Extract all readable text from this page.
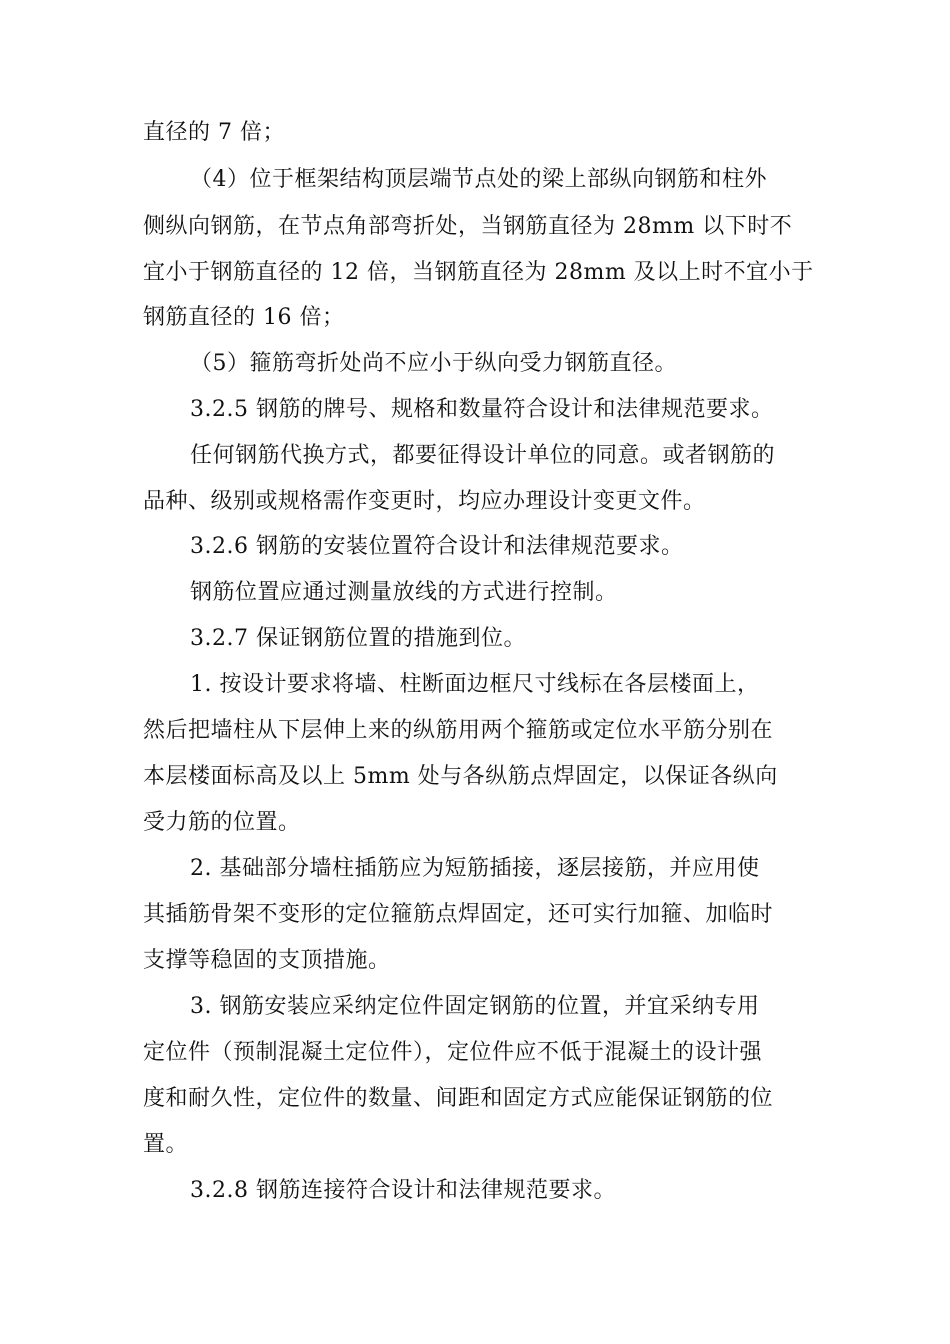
直径的 7 倍；

（4）位于框架结构顶层端节点处的梁上部纵向钢筋和柱外

侧纵向钢筋，在节点角部弯折处，当钢筋直径为 28mm 以下时不

宜小于钢筋直径的 12 倍，当钢筋直径为 28mm 及以上时不宜小于

钢筋直径的 16 倍；

（5）箍筋弯折处尚不应小于纵向受力钢筋直径。

3.2.5 钢筋的牌号、规格和数量符合设计和法律规范要求。

任何钢筋代换方式，都要征得设计单位的同意。或者钢筋的

品种、级别或规格需作变更时，均应办理设计变更文件。

3.2.6 钢筋的安装位置符合设计和法律规范要求。

钢筋位置应通过测量放线的方式进行控制。

3.2.7 保证钢筋位置的措施到位。

1. 按设计要求将墙、柱断面边框尺寸线标在各层楼面上，

然后把墙柱从下层伸上来的纵筋用两个箍筋或定位水平筋分别在

本层楼面标高及以上 5mm 处与各纵筋点焊固定，以保证各纵向

受力筋的位置。

2. 基础部分墙柱插筋应为短筋插接，逐层接筋，并应用使

其插筋骨架不变形的定位箍筋点焊固定，还可实行加箍、加临时

支撑等稳固的支顶措施。

3. 钢筋安装应采纳定位件固定钢筋的位置，并宜采纳专用

定位件（预制混凝土定位件），定位件应不低于混凝土的设计强

度和耐久性，定位件的数量、间距和固定方式应能保证钢筋的位

置。

3.2.8 钢筋连接符合设计和法律规范要求。
